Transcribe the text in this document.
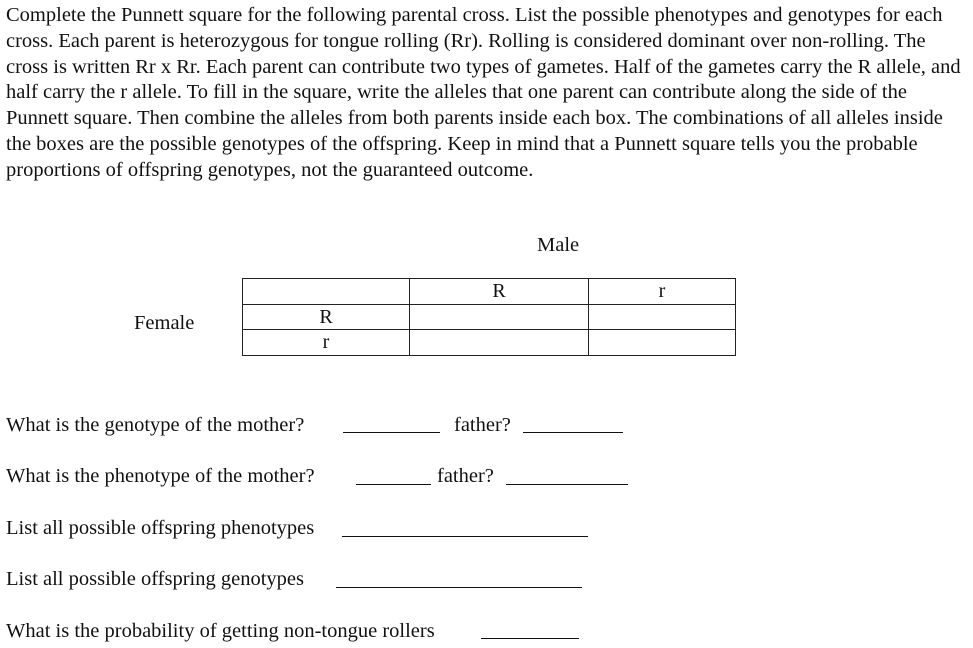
Complete the Punnett square for the following parental cross. List the possible phenotypes and genotypes for each cross. Each parent is heterozygous for tongue rolling (Rr). Rolling is considered dominant over non-rolling. The cross is written Rr x Rr. Each parent can contribute two types of gametes. Half of the gametes carry the R allele, and half carry the r allele. To fill in the square, write the alleles that one parent can contribute along the side of the Punnett square. Then combine the alleles from both parents inside each box. The combinations of all alleles inside the boxes are the possible genotypes of the offspring. Keep in mind that a Punnett square tells you the probable proportions of offspring genotypes, not the guaranteed outcome.

Male
Female
	R	r
R		
r		
What is the genotype of the mother?	father?
What is the phenotype of the mother?	father?
List all possible offspring phenotypes
List all possible offspring genotypes
What is the probability of getting non-tongue rollers
